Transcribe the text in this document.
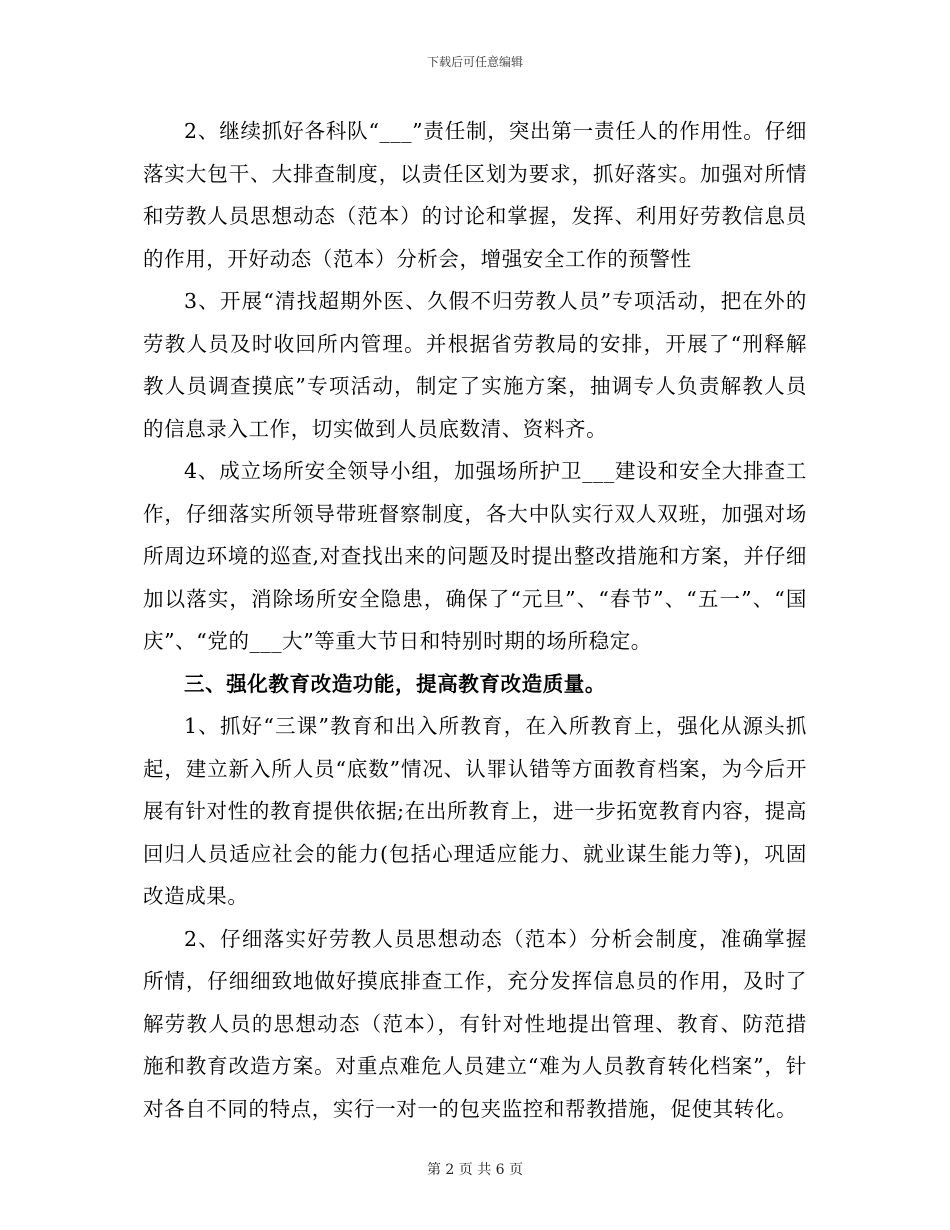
下载后可任意编辑

2、继续抓好各科队“___”责任制，突出第一责任人的作用性。仔细落实大包干、大排查制度，以责任区划为要求，抓好落实。加强对所情和劳教人员思想动态（范本）的讨论和掌握，发挥、利用好劳教信息员的作用，开好动态（范本）分析会，增强安全工作的预警性

3、开展“清找超期外医、久假不归劳教人员”专项活动，把在外的劳教人员及时收回所内管理。并根据省劳教局的安排，开展了“刑释解教人员调查摸底”专项活动，制定了实施方案，抽调专人负责解教人员的信息录入工作，切实做到人员底数清、资料齐。

4、成立场所安全领导小组，加强场所护卫___建设和安全大排查工作，仔细落实所领导带班督察制度，各大中队实行双人双班，加强对场所周边环境的巡查,对查找出来的问题及时提出整改措施和方案，并仔细加以落实，消除场所安全隐患，确保了“元旦”、“春节”、“五一”、“国庆”、“党的___大”等重大节日和特别时期的场所稳定。

三、强化教育改造功能，提高教育改造质量。

1、抓好“三课”教育和出入所教育，在入所教育上，强化从源头抓起，建立新入所人员“底数”情况、认罪认错等方面教育档案，为今后开展有针对性的教育提供依据;在出所教育上，进一步拓宽教育内容，提高回归人员适应社会的能力(包括心理适应能力、就业谋生能力等)，巩固改造成果。

2、仔细落实好劳教人员思想动态（范本）分析会制度，准确掌握所情，仔细细致地做好摸底排查工作，充分发挥信息员的作用，及时了解劳教人员的思想动态（范本），有针对性地提出管理、教育、防范措施和教育改造方案。对重点难危人员建立“难为人员教育转化档案”，针对各自不同的特点，实行一对一的包夹监控和帮教措施，促使其转化。

第 2 页 共 6 页
